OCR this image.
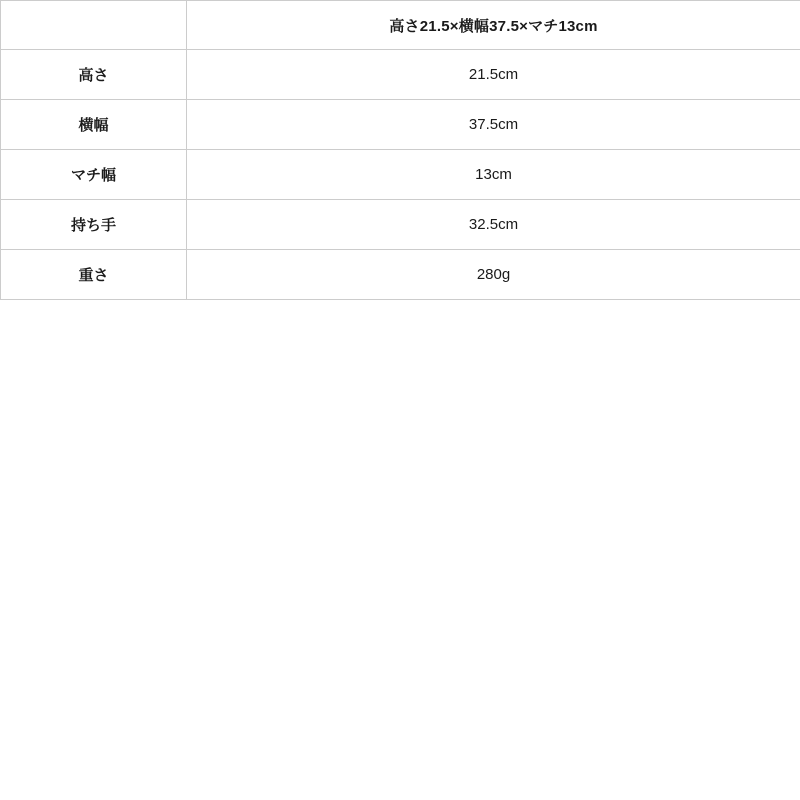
	高さ21.5×横幅37.5×マチ13cm
高さ	21.5cm
横幅	37.5cm
マチ幅	13cm
持ち手	32.5cm
重さ	280g
